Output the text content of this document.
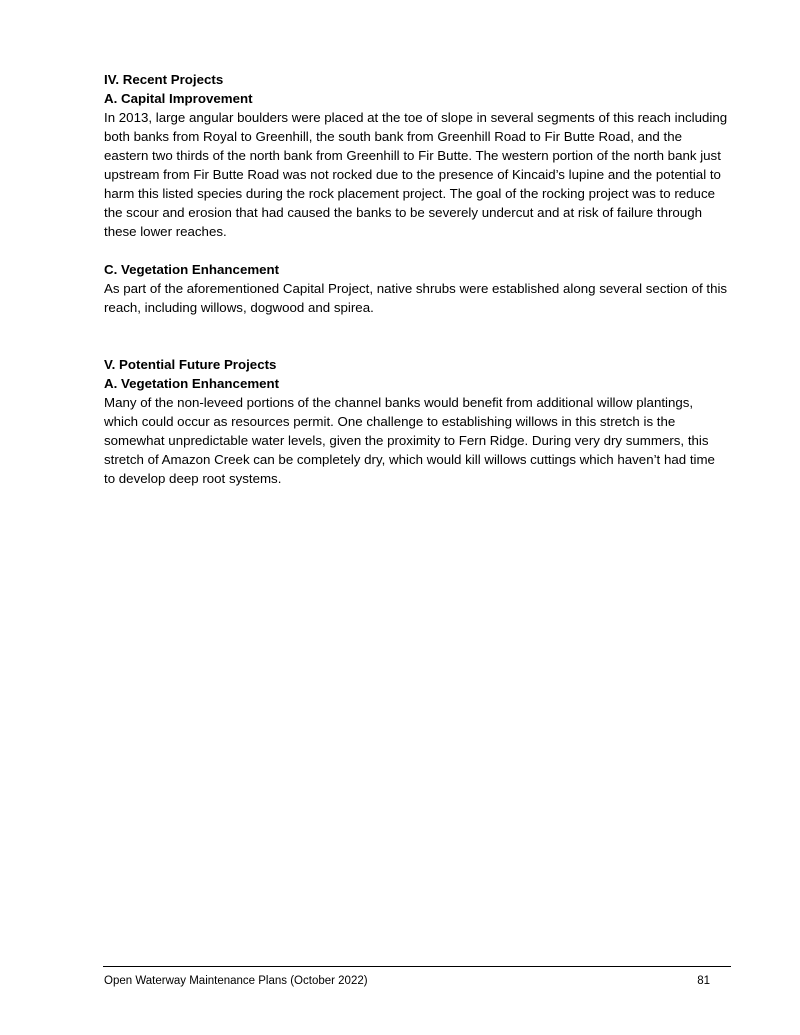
IV. Recent Projects

A. Capital Improvement

In 2013, large angular boulders were placed at the toe of slope in several segments of this reach including both banks from Royal to Greenhill, the south bank from Greenhill Road to Fir Butte Road, and the eastern two thirds of the north bank from Greenhill to Fir Butte. The western portion of the north bank just upstream from Fir Butte Road was not rocked due to the presence of Kincaid’s lupine and the potential to harm this listed species during the rock placement project. The goal of the rocking project was to reduce the scour and erosion that had caused the banks to be severely undercut and at risk of failure through these lower reaches.

C. Vegetation Enhancement

As part of the aforementioned Capital Project, native shrubs were established along several section of this reach, including willows, dogwood and spirea.

V. Potential Future Projects

A. Vegetation Enhancement

Many of the non-leveed portions of the channel banks would benefit from additional willow plantings, which could occur as resources permit. One challenge to establishing willows in this stretch is the somewhat unpredictable water levels, given the proximity to Fern Ridge. During very dry summers, this stretch of Amazon Creek can be completely dry, which would kill willows cuttings which haven’t had time to develop deep root systems.

Open Waterway Maintenance Plans (October 2022)	81
